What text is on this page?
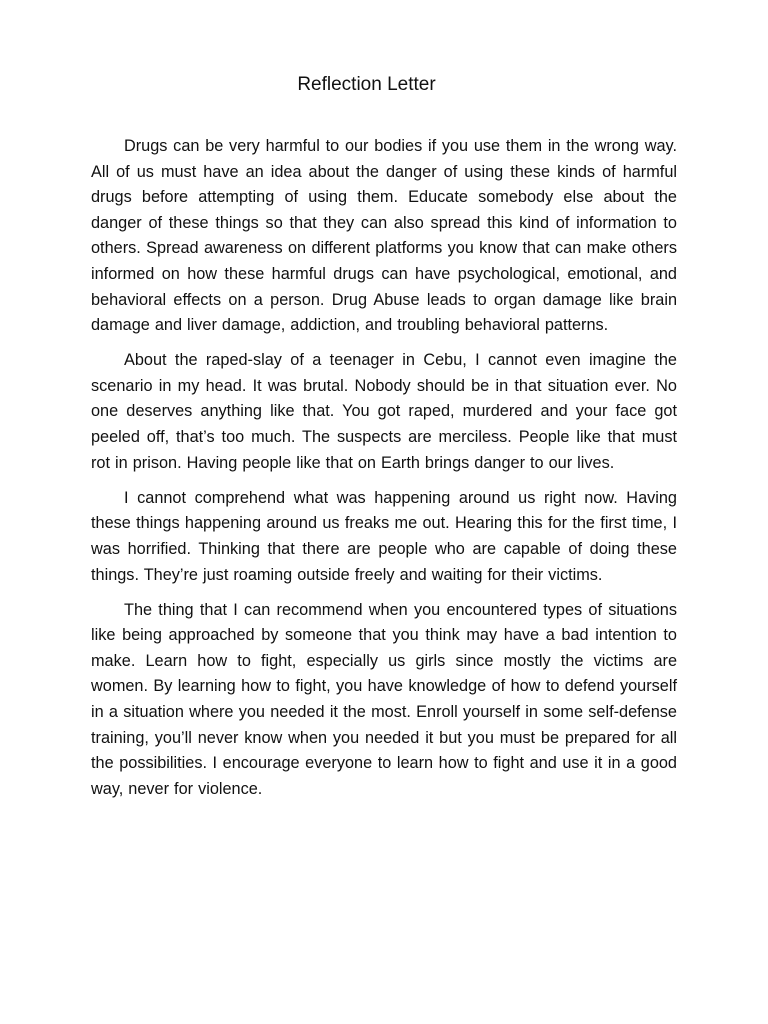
Reflection Letter

Drugs can be very harmful to our bodies if you use them in the wrong way. All of us must have an idea about the danger of using these kinds of harmful drugs before attempting of using them. Educate somebody else about the danger of these things so that they can also spread this kind of information to others. Spread awareness on different platforms you know that can make others informed on how these harmful drugs can have psychological, emotional, and behavioral effects on a person. Drug Abuse leads to organ damage like brain damage and liver damage, addiction, and troubling behavioral patterns.

About the raped-slay of a teenager in Cebu, I cannot even imagine the scenario in my head. It was brutal. Nobody should be in that situation ever. No one deserves anything like that. You got raped, murdered and your face got peeled off, that’s too much. The suspects are merciless. People like that must rot in prison. Having people like that on Earth brings danger to our lives.

I cannot comprehend what was happening around us right now. Having these things happening around us freaks me out. Hearing this for the first time, I was horrified. Thinking that there are people who are capable of doing these things. They’re just roaming outside freely and waiting for their victims.

The thing that I can recommend when you encountered types of situations like being approached by someone that you think may have a bad intention to make. Learn how to fight, especially us girls since mostly the victims are women. By learning how to fight, you have knowledge of how to defend yourself in a situation where you needed it the most. Enroll yourself in some self-defense training, you’ll never know when you needed it but you must be prepared for all the possibilities. I encourage everyone to learn how to fight and use it in a good way, never for violence.
